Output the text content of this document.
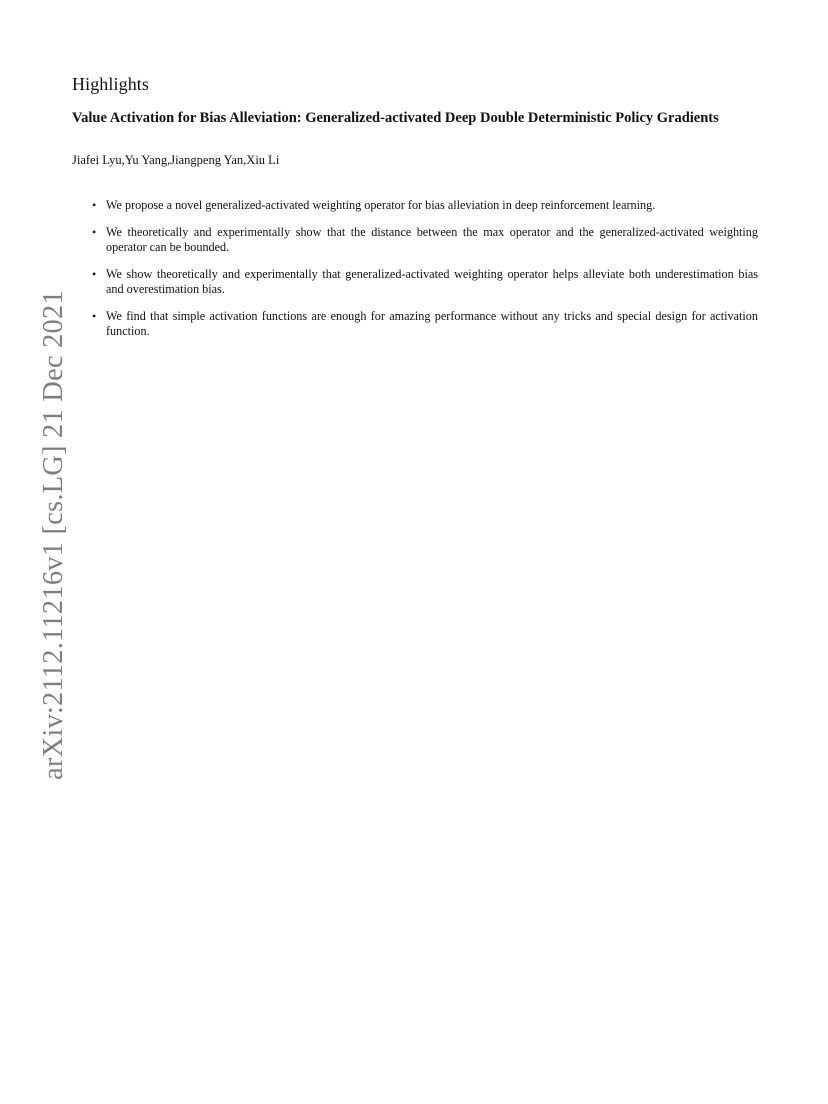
arXiv:2112.11216v1 [cs.LG] 21 Dec 2021
Highlights
Value Activation for Bias Alleviation: Generalized-activated Deep Double Deterministic Policy Gradients
Jiafei Lyu,Yu Yang,Jiangpeng Yan,Xiu Li
• We propose a novel generalized-activated weighting operator for bias alleviation in deep reinforcement learning.
• We theoretically and experimentally show that the distance between the max operator and the generalized-activated weighting operator can be bounded.
• We show theoretically and experimentally that generalized-activated weighting operator helps alleviate both underestimation bias and overestimation bias.
• We find that simple activation functions are enough for amazing performance without any tricks and special design for activation function.
